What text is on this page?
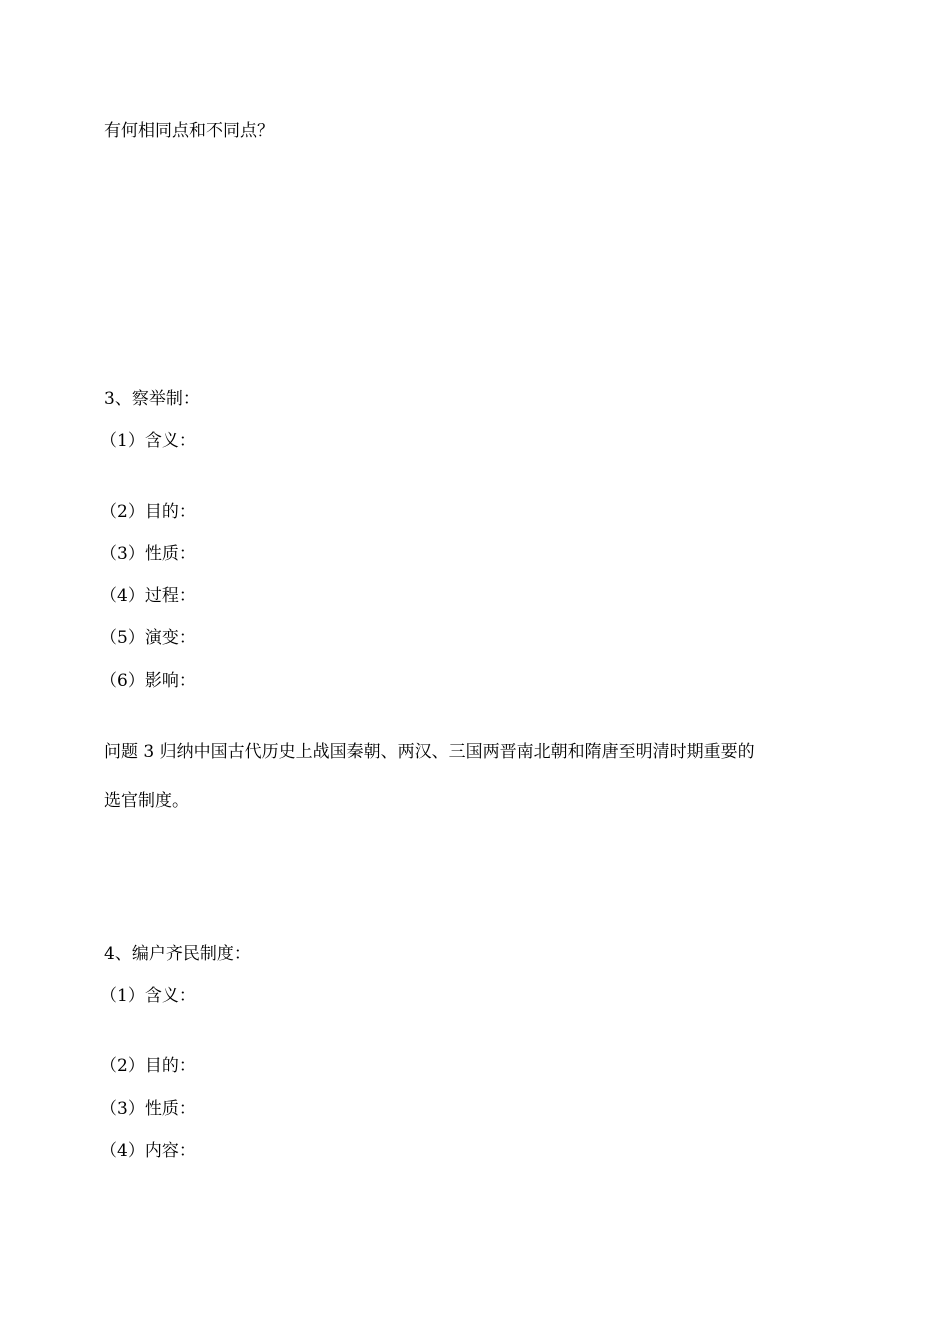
有何相同点和不同点？
3、察举制：
（1）含义：
（2）目的：
（3）性质：
（4）过程：
（5）演变：
（6）影响：
问题 3 归纳中国古代历史上战国秦朝、两汉、三国两晋南北朝和隋唐至明清时期重要的
选官制度。
4、编户齐民制度：
（1）含义：
（2）目的：
（3）性质：
（4）内容：
